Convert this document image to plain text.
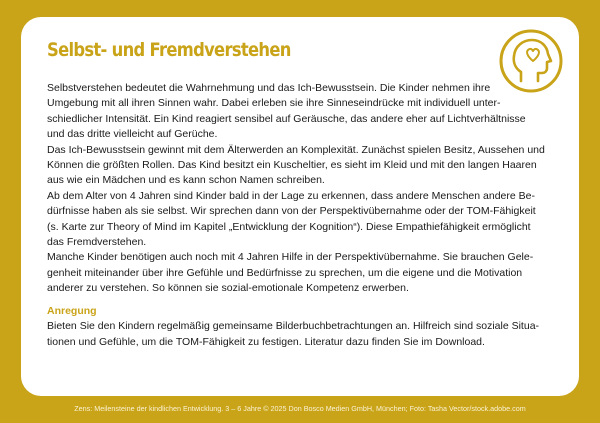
Selbst- und Fremdverstehen

Selbstverstehen bedeutet die Wahrnehmung und das Ich-Bewusstsein. Die Kinder nehmen ihre

Umgebung mit all ihren Sinnen wahr. Dabei erleben sie ihre Sinneseindrücke mit individuell unter-

schiedlicher Intensität. Ein Kind reagiert sensibel auf Geräusche, das andere eher auf Lichtverhältnisse

und das dritte vielleicht auf Gerüche.

Das Ich-Bewusstsein gewinnt mit dem Älterwerden an Komplexität. Zunächst spielen Besitz, Aussehen und

Können die größten Rollen. Das Kind besitzt ein Kuscheltier, es sieht im Kleid und mit den langen Haaren

aus wie ein Mädchen und es kann schon Namen schreiben.

Ab dem Alter von 4 Jahren sind Kinder bald in der Lage zu erkennen, dass andere Menschen andere Be-

dürfnisse haben als sie selbst. Wir sprechen dann von der Perspektivübernahme oder der TOM-Fähigkeit

(s. Karte zur Theory of Mind im Kapitel „Entwicklung der Kognition“). Diese Empathiefähigkeit ermöglicht

das Fremdverstehen.

Manche Kinder benötigen auch noch mit 4 Jahren Hilfe in der Perspektivübernahme. Sie brauchen Gele-

genheit miteinander über ihre Gefühle und Bedürfnisse zu sprechen, um die eigene und die Motivation

anderer zu verstehen. So können sie sozial-emotionale Kompetenz erwerben.

Anregung

Bieten Sie den Kindern regelmäßig gemeinsame Bilderbuchbetrachtungen an. Hilfreich sind soziale Situa-

tionen und Gefühle, um die TOM-Fähigkeit zu festigen. Literatur dazu finden Sie im Download.

Zens: Meilensteine der kindlichen Entwicklung. 3 – 6 Jahre © 2025 Don Bosco Medien GmbH, München; Foto: Tasha Vector/stock.adobe.com
